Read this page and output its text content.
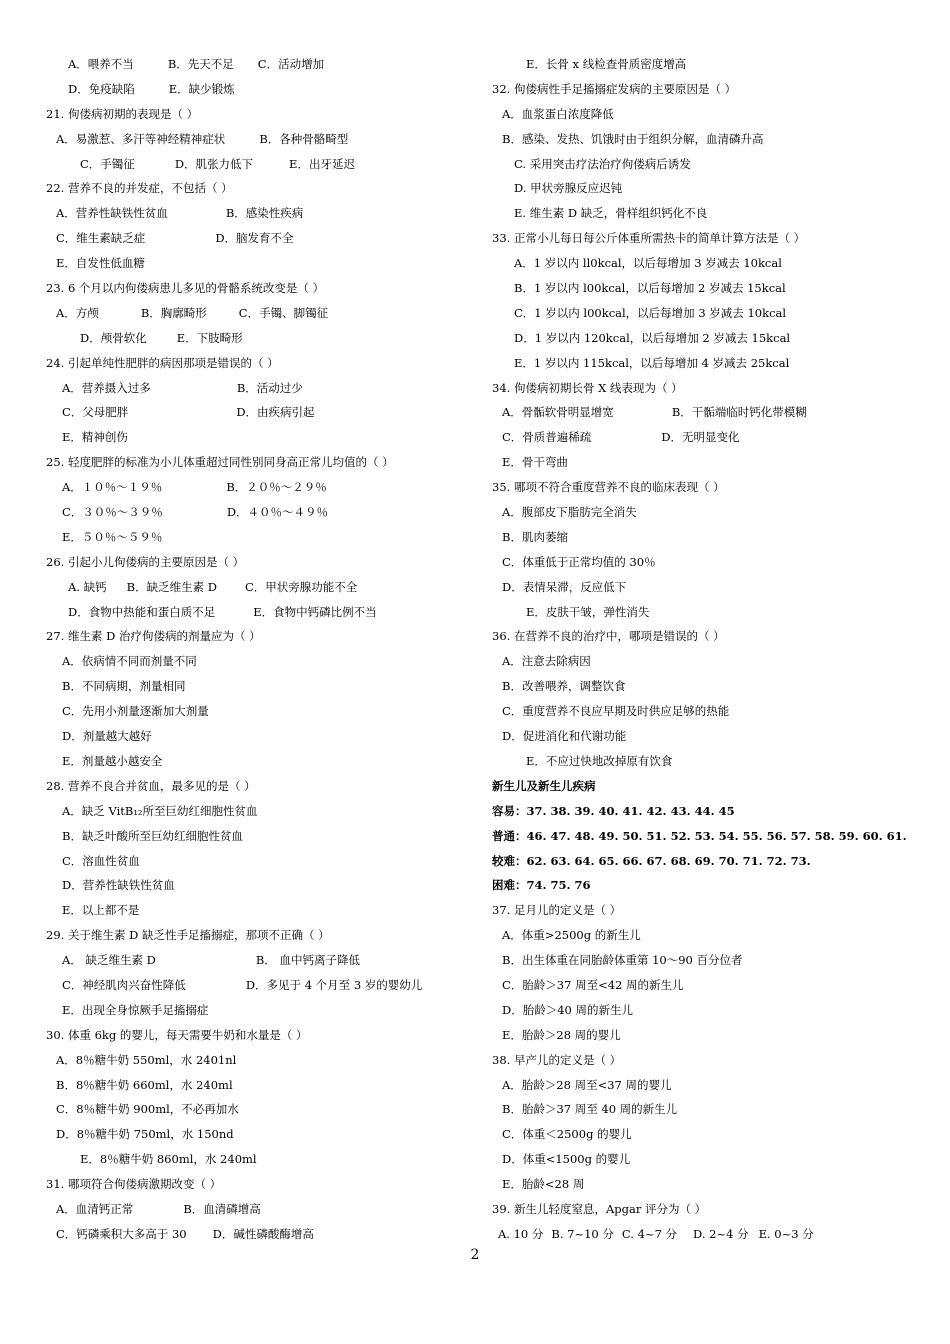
A．喂养不当	B．先天不足 C．活动增加
D．免疫缺陷	E．缺少锻炼
21. 佝偻病初期的表现是（ ）
A．易激惹、多汗等神经精神症状	B．各种骨骼畸型
C．手镯征	D．肌张力低下	E．出牙延迟
22. 营养不良的并发症，不包括（ ）
A．营养性缺铁性贫血	B．感染性疾病
C．维生素缺乏症	D．脑发育不全
E．自发性低血糖
23. 6 个月以内佝偻病患儿多见的骨骼系统改变是（ ）
A．方颅	B．胸廓畸形	C．手镯、脚镯征
D．颅骨软化	E．下肢畸形
24. 引起单纯性肥胖的病因那项是错误的（ ）
A．营养摄入过多	B．活动过少
C．父母肥胖	D．由疾病引起
E．精神创伤
25. 轻度肥胖的标准为小儿体重超过同性别同身高正常儿均值的（ ）
A．１０％～１９％	B．２０％～２９％
C．３０％～３９％	D．４０％～４９％
E．５０％～５９％
26. 引起小儿佝偻病的主要原因是（ ）
A. 缺钙 B．缺乏维生素 D C．甲状旁腺功能不全
D．食物中热能和蛋白质不足	E．食物中钙磷比例不当
27. 维生素 D 治疗佝偻病的剂量应为（ ）
A．依病情不同而剂量不同
B．不同病期，剂量相同
C．先用小剂量逐渐加大剂量
D．剂量越大越好
E．剂量越小越安全
28. 营养不良合并贫血，最多见的是（ ）
A．缺乏 VitB₁₂所至巨幼红细胞性贫血
B．缺乏叶酸所至巨幼红细胞性贫血
C．溶血性贫血
D．营养性缺铁性贫血
E．以上都不是
29. 关于维生素 D 缺乏性手足搐搦症，那项不正确（ ）
A． 缺乏维生素 D	B． 血中钙离子降低
C．神经肌肉兴奋性降低	D．多见于 4 个月至 3 岁的婴幼儿
E．出现全身惊厥手足搐搦症
30. 体重 6kg 的婴儿，每天需要牛奶和水量是（ ）
A．8％糖牛奶 550ml，水 2401nl
B．8％糖牛奶 660ml，水 240ml
C．8％糖牛奶 900ml，不必再加水
D．8％糖牛奶 750ml，水 150nd
E．8％糖牛奶 860ml，水 240ml
31. 哪项符合佝偻病激期改变（ ）
A．血清钙正常	B．血清磷增高
C．钙磷乘积大多高于 30 D．碱性磷酸酶增高
E．长骨 x 线检查骨质密度增高
32. 佝偻病性手足搐搦症发病的主要原因是（ ）
A．血浆蛋白浓度降低
B．感染、发热、饥饿时由于组织分解，血清磷升高
C. 采用突击疗法治疗佝偻病后诱发
D. 甲状旁腺反应迟钝
E. 维生素 D 缺乏，骨样组织钙化不良
33. 正常小儿每日每公斤体重所需热卡的简单计算方法是（ ）
A．1 岁以内 ll0kcal，以后每增加 3 岁减去 10kcal
B．1 岁以内 l00kcal，以后每增加 2 岁减去 15kcal
C．1 岁以内 l00kcal，以后每增加 3 岁减去 10kcal
D．1 岁以内 120kcal，以后每增加 2 岁减去 15kcal
E．1 岁以内 115kcal，以后每增加 4 岁减去 25kcal
34. 佝偻病初期长骨 X 线表现为（ ）
A．骨骺软骨明显增宽	B．干骺端临时钙化带模糊
C．骨质普遍稀疏	D．无明显变化
E．骨干弯曲
35. 哪项不符合重度营养不良的临床表现（ ）
A．腹部皮下脂肪完全消失
B．肌肉萎缩
C．体重低于正常均值的 30％
D．表情呆滞，反应低下
E．皮肤干皱，弹性消失
36. 在营养不良的治疗中，哪项是错误的（ ）
A．注意去除病因
B．改善喂养，调整饮食
C．重度营养不良应早期及时供应足够的热能
D．促进消化和代谢功能
E．不应过快地改掉原有饮食
新生儿及新生儿疾病
容易：37. 38. 39. 40. 41. 42. 43. 44. 45
普通：46. 47. 48. 49. 50. 51. 52. 53. 54. 55. 56. 57. 58. 59. 60. 61.
较难：62. 63. 64. 65. 66. 67. 68. 69. 70. 71. 72. 73.
困难：74. 75. 76
37. 足月儿的定义是（ ）
A．体重>2500g 的新生儿
B．出生体重在同胎龄体重第 10～90 百分位者
C．胎龄＞37 周至<42 周的新生儿
D．胎龄＞40 周的新生儿
E．胎龄＞28 周的婴儿
38. 早产儿的定义是（ ）
A．胎龄＞28 周至<37 周的婴儿
B．胎龄＞37 周至 40 周的新生儿
C．体重＜2500g 的婴儿
D．体重<1500g 的婴儿
E．胎龄<28 周
39. 新生儿轻度窒息，Apgar 评分为（ ）
A. 10 分 B. 7~10 分 C. 4~7 分 D. 2~4 分 E. 0~3 分
2
